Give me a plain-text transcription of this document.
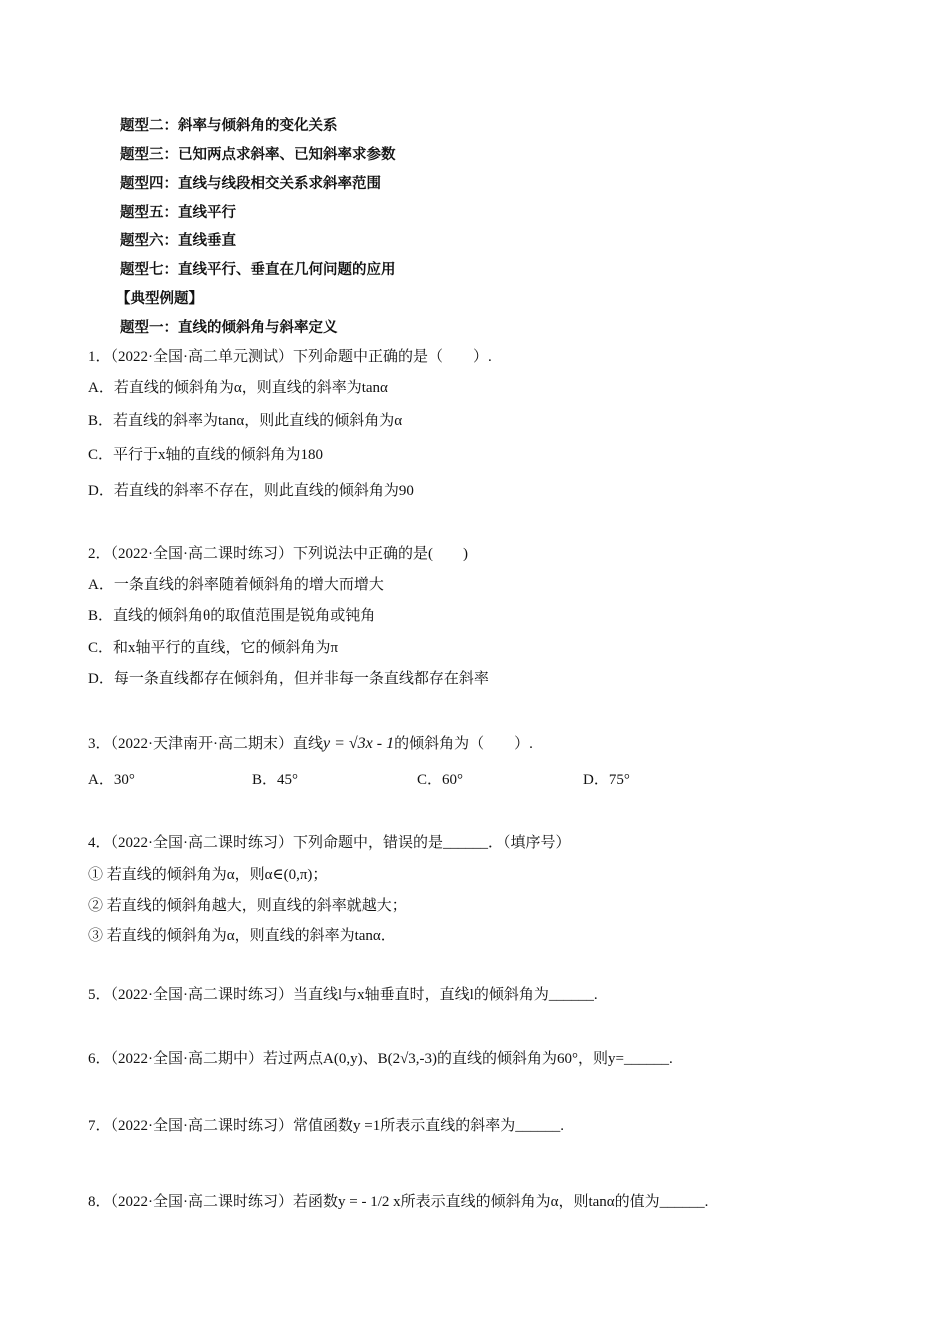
题型二：斜率与倾斜角的变化关系
题型三：已知两点求斜率、已知斜率求参数
题型四：直线与线段相交关系求斜率范围
题型五：直线平行
题型六：直线垂直
题型七：直线平行、垂直在几何问题的应用
【典型例题】
题型一：直线的倾斜角与斜率定义
1．（2022·全国·高二单元测试）下列命题中正确的是（　　）.
A．若直线的倾斜角为α，则直线的斜率为tanα
B．若直线的斜率为tanα，则此直线的倾斜角为α
C．平行于x轴的直线的倾斜角为180
D．若直线的斜率不存在，则此直线的倾斜角为90
2．（2022·全国·高二课时练习）下列说法中正确的是(　　)
A．一条直线的斜率随着倾斜角的增大而增大
B．直线的倾斜角θ的取值范围是锐角或钝角
C．和x轴平行的直线，它的倾斜角为π
D．每一条直线都存在倾斜角，但并非每一条直线都存在斜率
3．（2022·天津南开·高二期末）直线y = √3x - 1的倾斜角为（　　）.
A．30°	B．45°	C．60°	D．75°
4．（2022·全国·高二课时练习）下列命题中，错误的是______．（填序号）
① 若直线的倾斜角为α，则α∈(0,π)；
② 若直线的倾斜角越大，则直线的斜率就越大；
③ 若直线的倾斜角为α，则直线的斜率为tanα．
5．（2022·全国·高二课时练习）当直线l与x轴垂直时，直线l的倾斜角为______.
6．（2022·全国·高二期中）若过两点A(0,y)、B(2√3,-3)的直线的倾斜角为60°，则y=______.
7．（2022·全国·高二课时练习）常值函数y =1所表示直线的斜率为______.
8．（2022·全国·高二课时练习）若函数y = - 1/2 x所表示直线的倾斜角为α，则tanα的值为______.
